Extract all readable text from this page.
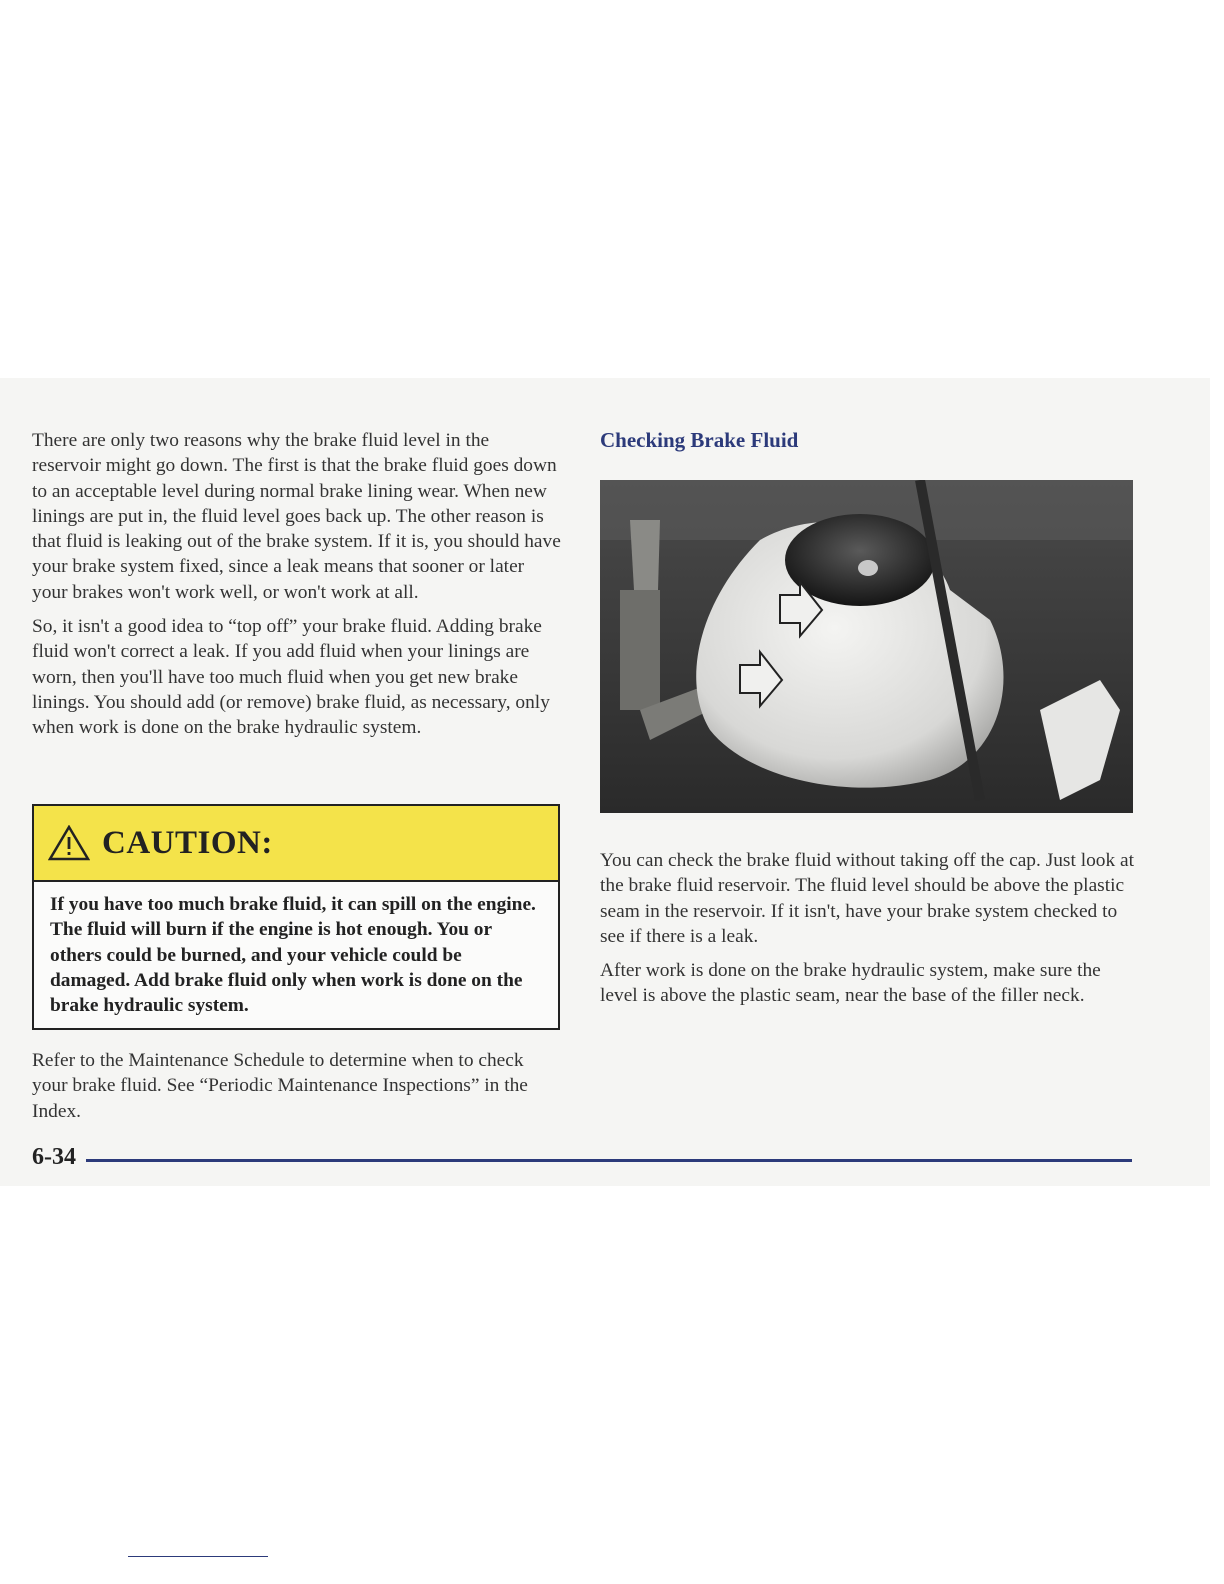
There are only two reasons why the brake fluid level in the reservoir might go down. The first is that the brake fluid goes down to an acceptable level during normal brake lining wear. When new linings are put in, the fluid level goes back up. The other reason is that fluid is leaking out of the brake system. If it is, you should have your brake system fixed, since a leak means that sooner or later your brakes won't work well, or won't work at all.

So, it isn't a good idea to “top off” your brake fluid. Adding brake fluid won't correct a leak. If you add fluid when your linings are worn, then you'll have too much fluid when you get new brake linings. You should add (or remove) brake fluid, as necessary, only when work is done on the brake hydraulic system.

CAUTION:
If you have too much brake fluid, it can spill on the engine. The fluid will burn if the engine is hot enough. You or others could be burned, and your vehicle could be damaged. Add brake fluid only when work is done on the brake hydraulic system.

Refer to the Maintenance Schedule to determine when to check your brake fluid. See “Periodic Maintenance Inspections” in the Index.

Checking Brake Fluid

You can check the brake fluid without taking off the cap. Just look at the brake fluid reservoir. The fluid level should be above the plastic seam in the reservoir. If it isn't, have your brake system checked to see if there is a leak.

After work is done on the brake hydraulic system, make sure the level is above the plastic seam, near the base of the filler neck.

6-34
